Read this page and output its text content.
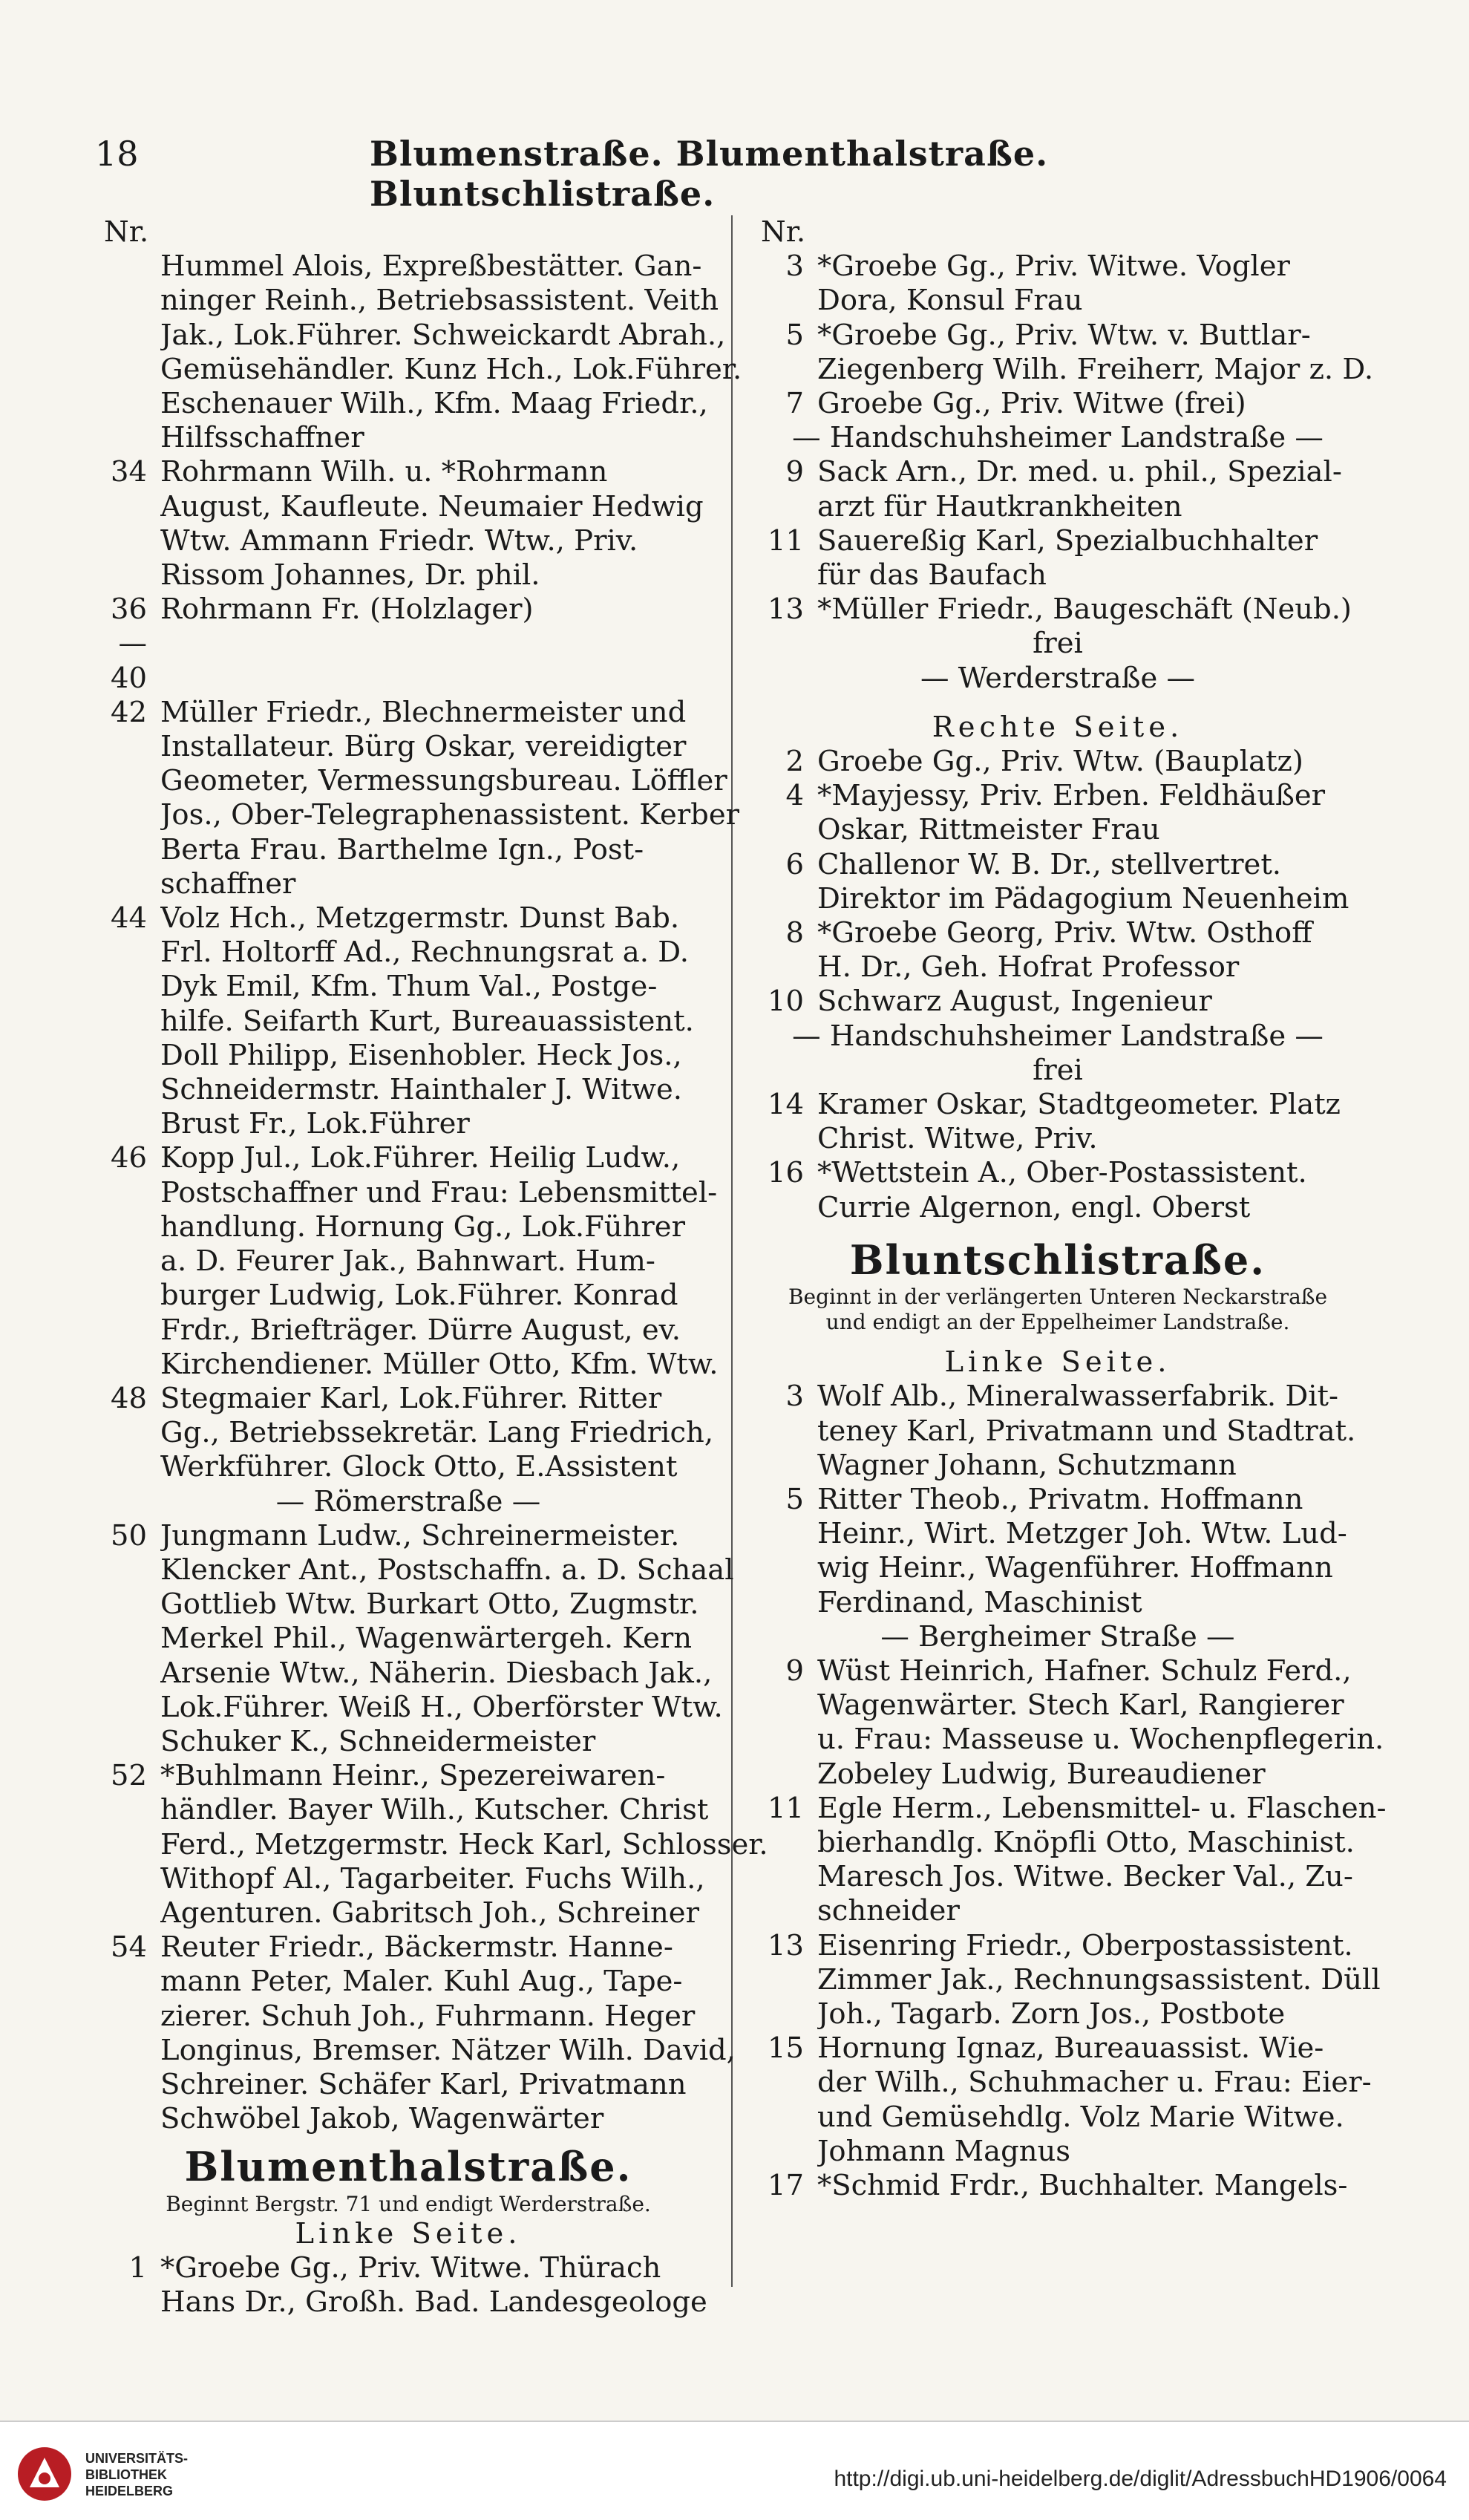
18	Blumenstraße. Blumenthalstraße. Bluntschlistraße.
Nr.
Hummel Alois, Expreßbestätter. Gan-
ninger Reinh., Betriebsassistent. Veith
Jak., Lok.Führer. Schweickardt Abrah.,
Gemüsehändler. Kunz Hch., Lok.Führer.
Eschenauer Wilh., Kfm. Maag Friedr.,
Hilfsschaffner
34 Rohrmann Wilh. u. *Rohrmann
August, Kaufleute. Neumaier Hedwig
Wtw. Ammann Friedr. Wtw., Priv.
Rissom Johannes, Dr. phil.
36—40
Rohrmann Fr. (Holzlager)
42 Müller Friedr., Blechnermeister und
Installateur. Bürg Oskar, vereidigter
Geometer, Vermessungsbureau. Löffler
Jos., Ober-Telegraphenassistent. Kerber
Berta Frau. Barthelme Ign., Post-
schaffner
44 Volz Hch., Metzgermstr. Dunst Bab.
Frl. Holtorff Ad., Rechnungsrat a. D.
Dyk Emil, Kfm. Thum Val., Postge-
hilfe. Seifarth Kurt, Bureauassistent.
Doll Philipp, Eisenhobler. Heck Jos.,
Schneidermstr. Hainthaler J. Witwe.
Brust Fr., Lok.Führer
46 Kopp Jul., Lok.Führer. Heilig Ludw.,
Postschaffner und Frau: Lebensmittel-
handlung. Hornung Gg., Lok.Führer
a. D. Feurer Jak., Bahnwart. Hum-
burger Ludwig, Lok.Führer. Konrad
Frdr., Briefträger. Dürre August, ev.
Kirchendiener. Müller Otto, Kfm. Wtw.
48 Stegmaier Karl, Lok.Führer. Ritter
Gg., Betriebssekretär. Lang Friedrich,
Werkführer. Glock Otto, E.Assistent
— Römerstraße —
50 Jungmann Ludw., Schreinermeister.
Klencker Ant., Postschaffn. a. D. Schaal
Gottlieb Wtw. Burkart Otto, Zugmstr.
Merkel Phil., Wagenwärtergeh. Kern
Arsenie Wtw., Näherin. Diesbach Jak.,
Lok.Führer. Weiß H., Oberförster Wtw.
Schuker K., Schneidermeister
52 *Buhlmann Heinr., Spezereiwaren-
händler. Bayer Wilh., Kutscher. Christ
Ferd., Metzgermstr. Heck Karl, Schlosser.
Withopf Al., Tagarbeiter. Fuchs Wilh.,
Agenturen. Gabritsch Joh., Schreiner
54 Reuter Friedr., Bäckermstr. Hanne-
mann Peter, Maler. Kuhl Aug., Tape-
zierer. Schuh Joh., Fuhrmann. Heger
Longinus, Bremser. Nätzer Wilh. David,
Schreiner. Schäfer Karl, Privatmann
Schwöbel Jakob, Wagenwärter
Blumenthalstraße.
Beginnt Bergstr. 71 und endigt Werderstraße.
Linke Seite.
1 *Groebe Gg., Priv. Witwe. Thürach
Hans Dr., Großh. Bad. Landesgeologe
Nr.
3 *Groebe Gg., Priv. Witwe. Vogler
Dora, Konsul Frau
5 *Groebe Gg., Priv. Wtw. v. Buttlar-
Ziegenberg Wilh. Freiherr, Major z. D.
7 Groebe Gg., Priv. Witwe (frei)
— Handschuhsheimer Landstraße —
9 Sack Arn., Dr. med. u. phil., Spezial-
arzt für Hautkrankheiten
11 Sauereßig Karl, Spezialbuchhalter
für das Baufach
13 *Müller Friedr., Baugeschäft (Neub.)
frei
— Werderstraße —
Rechte Seite.
2 Groebe Gg., Priv. Wtw. (Bauplatz)
4 *Mayjessy, Priv. Erben. Feldhäußer
Oskar, Rittmeister Frau
6 Challenor W. B. Dr., stellvertret.
Direktor im Pädagogium Neuenheim
8 *Groebe Georg, Priv. Wtw. Osthoff
H. Dr., Geh. Hofrat Professor
10 Schwarz August, Ingenieur
— Handschuhsheimer Landstraße —
frei
14 Kramer Oskar, Stadtgeometer. Platz
Christ. Witwe, Priv.
16 *Wettstein A., Ober-Postassistent.
Currie Algernon, engl. Oberst
Bluntschlistraße.
Beginnt in der verlängerten Unteren Neckarstraße
und endigt an der Eppelheimer Landstraße.
Linke Seite.
3 Wolf Alb., Mineralwasserfabrik. Dit-
teney Karl, Privatmann und Stadtrat.
Wagner Johann, Schutzmann
5 Ritter Theob., Privatm. Hoffmann
Heinr., Wirt. Metzger Joh. Wtw. Lud-
wig Heinr., Wagenführer. Hoffmann
Ferdinand, Maschinist
— Bergheimer Straße —
9 Wüst Heinrich, Hafner. Schulz Ferd.,
Wagenwärter. Stech Karl, Rangierer
u. Frau: Masseuse u. Wochenpflegerin.
Zobeley Ludwig, Bureaudiener
11 Egle Herm., Lebensmittel- u. Flaschen-
bierhandlg. Knöpfli Otto, Maschinist.
Maresch Jos. Witwe. Becker Val., Zu-
schneider
13 Eisenring Friedr., Oberpostassistent.
Zimmer Jak., Rechnungsassistent. Düll
Joh., Tagarb. Zorn Jos., Postbote
15 Hornung Ignaz, Bureauassist. Wie-
der Wilh., Schuhmacher u. Frau: Eier-
und Gemüsehdlg. Volz Marie Witwe.
Johmann Magnus
17 *Schmid Frdr., Buchhalter. Mangels-
UNIVERSITÄTS-
BIBLIOTHEK
HEIDELBERG	http://digi.ub.uni-heidelberg.de/diglit/AdressbuchHD1906/0064
